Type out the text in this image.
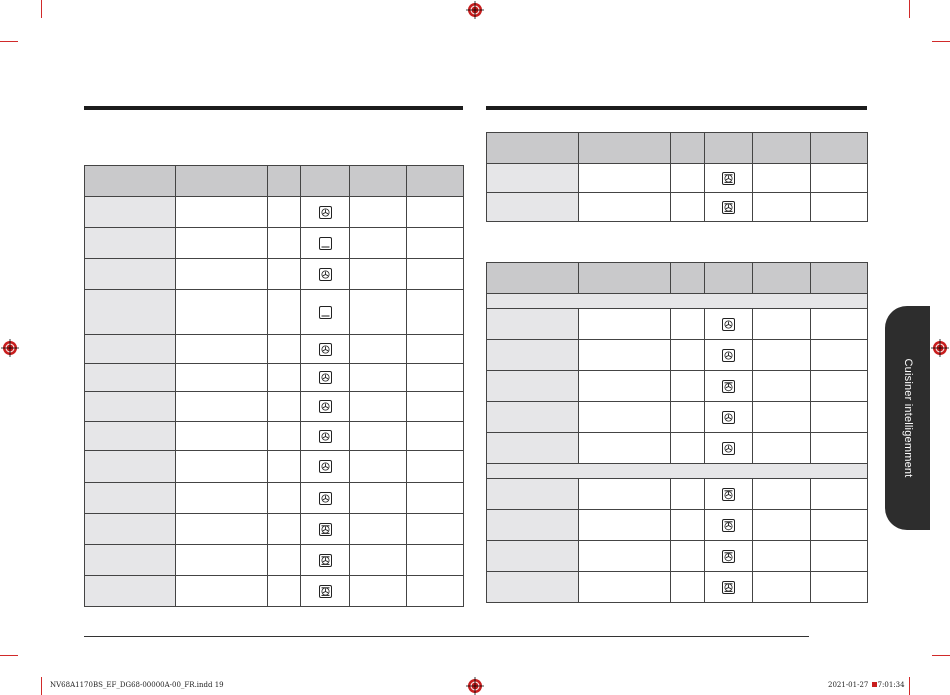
Cuisiner intelligemment
NV68A1170BS_EF_DG68-00000A-00_FR.indd 19	2021-01-27 7:01:34
